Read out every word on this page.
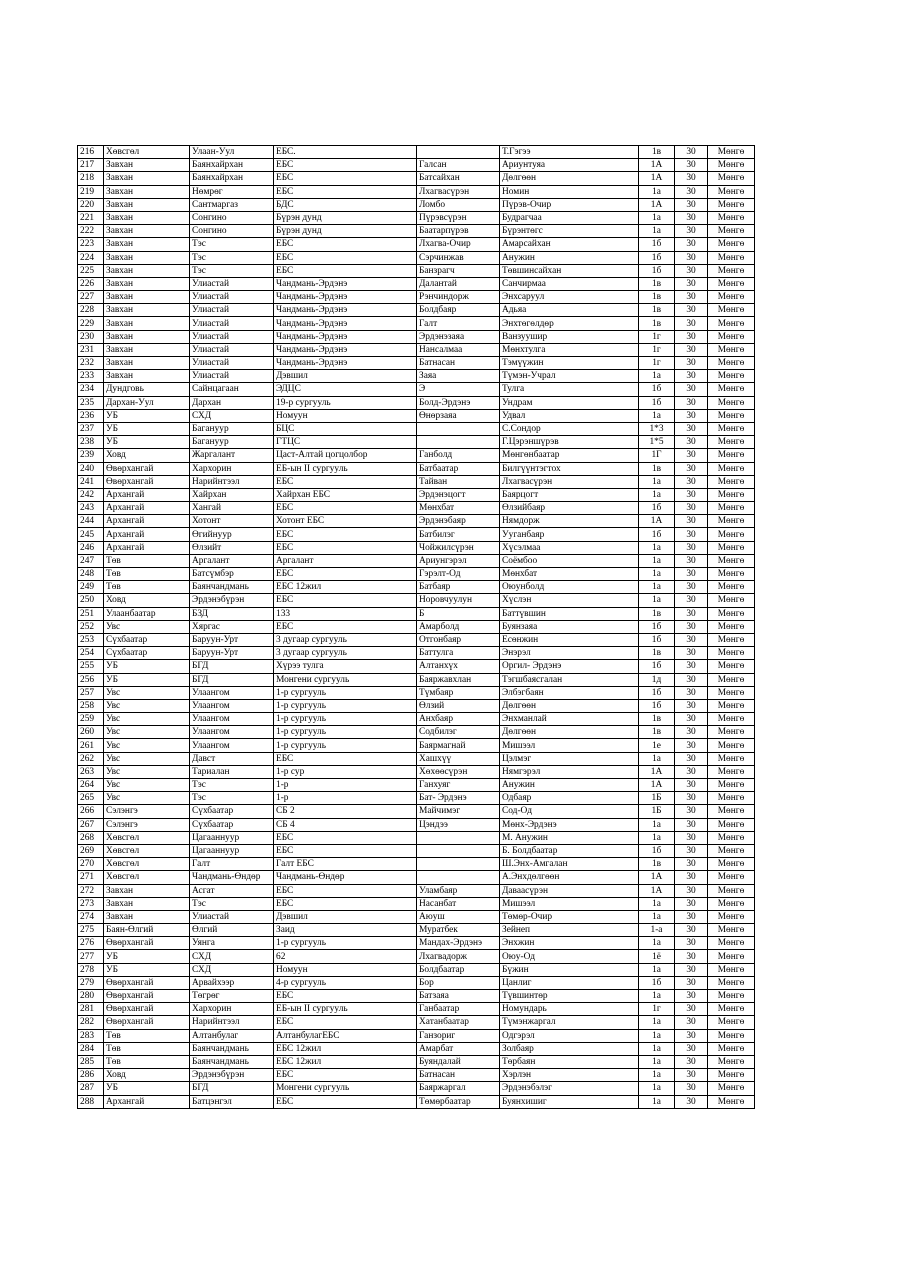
216	Хөвсгөл	Улаан-Уул	ЕБС.		Т.Гэгээ	1в	30	Мөнгө
217	Завхан	Баянхайрхан	ЕБС	Галсан	Ариунтуяа	1А	30	Мөнгө
218	Завхан	Баянхайрхан	ЕБС	Батсайхан	Дөлгөөн	1А	30	Мөнгө
219	Завхан	Нөмрөг	ЕБС	Лхагвасүрэн	Номин	1а	30	Мөнгө
220	Завхан	Сантмаргаз	БДС	Ломбо	Пүрэв-Очир	1А	30	Мөнгө
221	Завхан	Сонгино	Бүрэн дунд	Пүрэвсүрэн	Будрагчаа	1а	30	Мөнгө
222	Завхан	Сонгино	Бүрэн дунд	Баатарпүрэв	Бүрэнтөгс	1а	30	Мөнгө
223	Завхан	Тэс	ЕБС	Лхагва-Очир	Амарсайхан	1б	30	Мөнгө
224	Завхан	Тэс	ЕБС	Сэрчинжав	Анужин	1б	30	Мөнгө
225	Завхан	Тэс	ЕБС	Банзрагч	Төвшинсайхан	1б	30	Мөнгө
226	Завхан	Улиастай	Чандмань-Эрдэнэ	Далантай	Санчирмаа	1в	30	Мөнгө
227	Завхан	Улиастай	Чандмань-Эрдэнэ	Рэнчиндорж	Энхсаруул	1в	30	Мөнгө
228	Завхан	Улиастай	Чандмань-Эрдэнэ	Болдбаяр	Адьяа	1в	30	Мөнгө
229	Завхан	Улиастай	Чандмань-Эрдэнэ	Галт	Энхтөгөлдөр	1в	30	Мөнгө
230	Завхан	Улиастай	Чандмань-Эрдэнэ	Эрдэнэзаяа	Ванзуушир	1г	30	Мөнгө
231	Завхан	Улиастай	Чандмань-Эрдэнэ	Нансалмаа	Мөнхтулга	1г	30	Мөнгө
232	Завхан	Улиастай	Чандмань-Эрдэнэ	Батнасан	Тэмүүжин	1г	30	Мөнгө
233	Завхан	Улиастай	Дэвшил	Заяа	Түмэн-Учрал	1а	30	Мөнгө
234	Дундговь	Сайнцагаан	ЭДЦС	Э	Тулга	1б	30	Мөнгө
235	Дархан-Уул	Дархан	19-р сургууль	Болд-Эрдэнэ	Ундрам	1б	30	Мөнгө
236	УБ	СХД	Номуун	Өнөрзаяа	Удвал	1а	30	Мөнгө
237	УБ	Багануур	БЦС		С.Сондор	1*3	30	Мөнгө
238	УБ	Багануур	ГТЦС		Г.Цэрэншүрэв	1*5	30	Мөнгө
239	Ховд	Жаргалант	Цаст-Алтай цогцолбор	Ганболд	Мөнгөнбаатар	1Г	30	Мөнгө
240	Өвөрхангай	Хархорин	ЕБ-ын II сургууль	Батбаатар	Билгүүнтэгтох	1в	30	Мөнгө
241	Өвөрхангай	Нарийнтээл	ЕБС	Тайван	Лхагвасүрэн	1а	30	Мөнгө
242	Архангай	Хайрхан	Хайрхан ЕБС	Эрдэнэцогт	Баярцогт	1а	30	Мөнгө
243	Архангай	Хангай	ЕБС	Мөнхбат	Өлзийбаяр	1б	30	Мөнгө
244	Архангай	Хотонт	Хотонт ЕБС	Эрдэнэбаяр	Нямдорж	1А	30	Мөнгө
245	Архангай	Өгийнуур	ЕБС	Батбилэг	Ууганбаяр	1б	30	Мөнгө
246	Архангай	Өлзийт	ЕБС	Чойжилсүрэн	Хүсэлмаа	1а	30	Мөнгө
247	Төв	Аргалант	Аргалант	Ариунгэрэл	Соёмбоо	1а	30	Мөнгө
248	Төв	Батсүмбэр	ЕБС	Гэрэлт-Од	Мөнхбат	1а	30	Мөнгө
249	Төв	Баянчандмань	ЕБС 12жил	Батбаяр	Оюунболд	1а	30	Мөнгө
250	Ховд	Эрдэнэбүрэн	ЕБС	Норовчуулун	Хүслэн	1а	30	Мөнгө
251	Улаанбаатар	БЗД	133	Б	Баттүвшин	1в	30	Мөнгө
252	Увс	Хяргас	ЕБС	Амарболд	Буянзаяа	1б	30	Мөнгө
253	Сүхбаатар	Баруун-Урт	3 дугаар сургууль	Отгонбаяр	Есөнжин	1б	30	Мөнгө
254	Сүхбаатар	Баруун-Урт	3 дугаар сургууль	Баттулга	Энэрэл	1в	30	Мөнгө
255	УБ	БГД	Хүрээ тулга	Алтанхүх	Оргил- Эрдэнэ	1б	30	Мөнгө
256	УБ	БГД	Монгени сургууль	Баяржавхлан	Тэгшбаясгалан	1д	30	Мөнгө
257	Увс	Улаангом	1-р сургууль	Түмбаяр	Элбэгбаян	1б	30	Мөнгө
258	Увс	Улаангом	1-р сургууль	Өлзий	Дөлгөөн	1б	30	Мөнгө
259	Увс	Улаангом	1-р сургууль	Анхбаяр	Энхманлай	1в	30	Мөнгө
260	Увс	Улаангом	1-р сургууль	Содбилэг	Дөлгөөн	1в	30	Мөнгө
261	Увс	Улаангом	1-р сургууль	Баярмагнай	Мишээл	1е	30	Мөнгө
262	Увс	Давст	ЕБС	Хашхүү	Цэлмэг	1а	30	Мөнгө
263	Увс	Тариалан	1-р сур	Хөхөөсүрэн	Нямгэрэл	1А	30	Мөнгө
264	Увс	Тэс	1-р	Ганхуяг	Анужин	1А	30	Мөнгө
265	Увс	Тэс	1-р	Бат- Эрдэнэ	Одбаяр	1Б	30	Мөнгө
266	Сэлэнгэ	Сүхбаатар	СБ 2	Майчимэг	Сод-Од	1Б	30	Мөнгө
267	Сэлэнгэ	Сүхбаатар	СБ 4	Цэндээ	Мөнх-Эрдэнэ	1а	30	Мөнгө
268	Хөвсгөл	Цагааннуур	ЕБС		М. Анужин	1а	30	Мөнгө
269	Хөвсгөл	Цагааннуур	ЕБС		Б. Болдбаатар	1б	30	Мөнгө
270	Хөвсгөл	Галт	Галт ЕБС		Ш.Энх-Амгалан	1в	30	Мөнгө
271	Хөвсгөл	Чандмань-Өндөр	Чандмань-Өндөр		А.Энхдөлгөөн	1А	30	Мөнгө
272	Завхан	Асгат	ЕБС	Уламбаяр	Даваасүрэн	1А	30	Мөнгө
273	Завхан	Тэс	ЕБС	Насанбат	Мишээл	1а	30	Мөнгө
274	Завхан	Улиастай	Дэвшил	Аюуш	Төмөр-Очир	1а	30	Мөнгө
275	Баян-Өлгий	Өлгий	Заид	Муратбек	Зейнеп	1-а	30	Мөнгө
276	Өвөрхангай	Уянга	1-р сургууль	Мандах-Эрдэнэ	Энхжин	1а	30	Мөнгө
277	УБ	СХД	62	Лхагвадорж	Оюу-Од	1ё	30	Мөнгө
278	УБ	СХД	Номуун	Болдбаатар	Бүжин	1а	30	Мөнгө
279	Өвөрхангай	Арвайхээр	4-р сургууль	Бор	Цанлиг	1б	30	Мөнгө
280	Өвөрхангай	Төгрөг	ЕБС	Батзаяа	Түвшинтөр	1а	30	Мөнгө
281	Өвөрхангай	Хархорин	ЕБ-ын II сургууль	Ганбаатар	Номундарь	1г	30	Мөнгө
282	Өвөрхангай	Нарийнтээл	ЕБС	Хатанбаатар	Түмэнжаргал	1а	30	Мөнгө
283	Төв	Алтанбулаг	АлтанбулагЕБС	Ганзориг	Одгэрэл	1а	30	Мөнгө
284	Төв	Баянчандмань	ЕБС 12жил	Амарбат	Золбаяр	1а	30	Мөнгө
285	Төв	Баянчандмань	ЕБС 12жил	Буяндалай	Төрбаян	1а	30	Мөнгө
286	Ховд	Эрдэнэбүрэн	ЕБС	Батнасан	Хэрлэн	1а	30	Мөнгө
287	УБ	БГД	Монгени сургууль	Баяржаргал	Эрдэнэбэлэг	1а	30	Мөнгө
288	Архангай	Батцэнгэл	ЕБС	Төмөрбаатар	Буянхишиг	1а	30	Мөнгө
